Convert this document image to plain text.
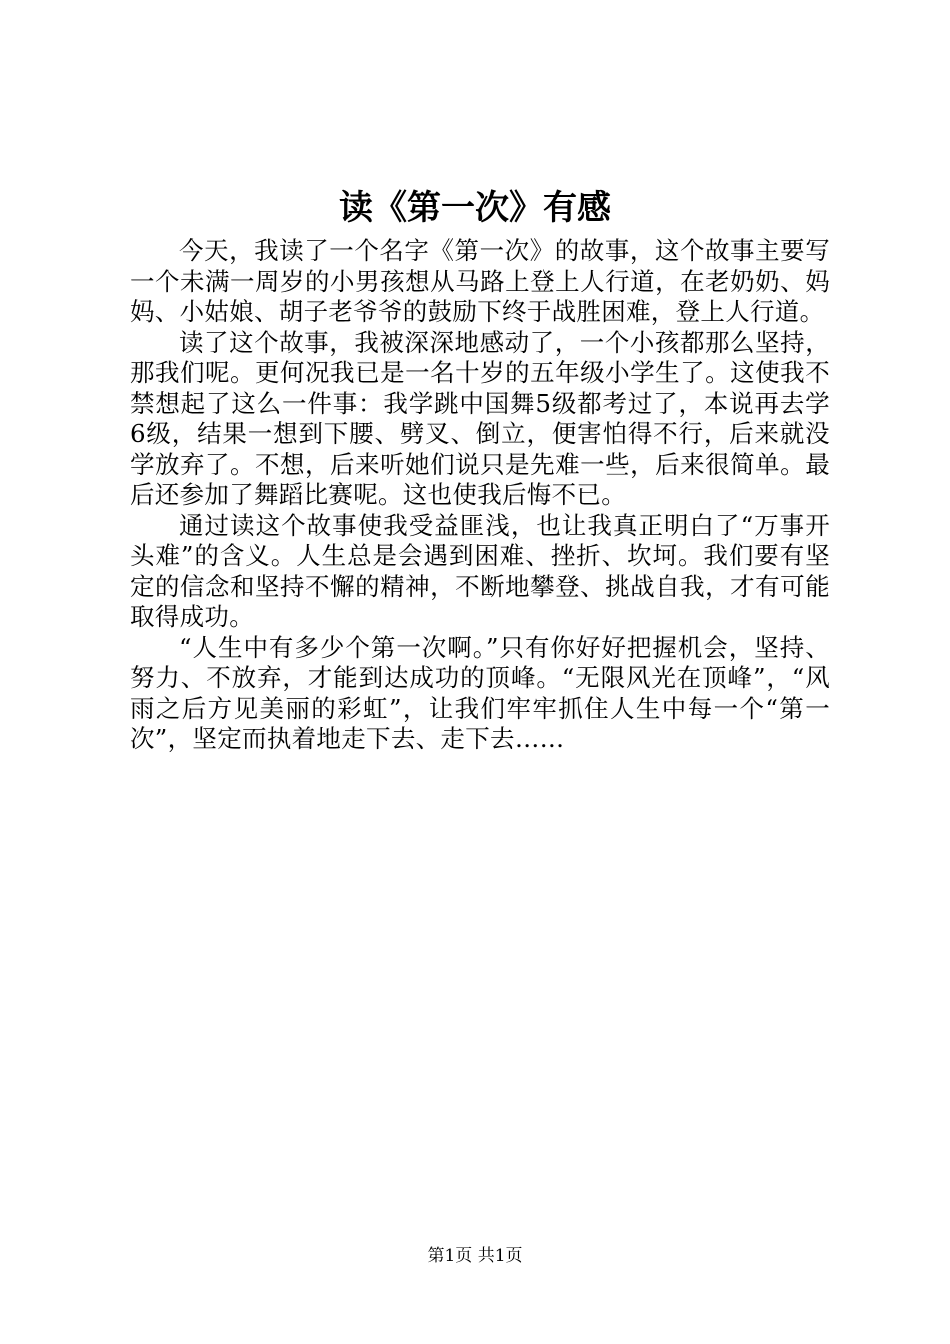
读《第一次》有感

今天，我读了一个名字《第一次》的故事，这个故事主要写一个未满一周岁的小男孩想从马路上登上人行道，在老奶奶、妈妈、小姑娘、胡子老爷爷的鼓励下终于战胜困难，登上人行道。

读了这个故事，我被深深地感动了，一个小孩都那么坚持，那我们呢。更何况我已是一名十岁的五年级小学生了。这使我不禁想起了这么一件事：我学跳中国舞5级都考过了，本说再去学6级，结果一想到下腰、劈叉、倒立，便害怕得不行，后来就没学放弃了。不想，后来听她们说只是先难一些，后来很简单。最后还参加了舞蹈比赛呢。这也使我后悔不已。

通过读这个故事使我受益匪浅，也让我真正明白了“万事开头难”的含义。人生总是会遇到困难、挫折、坎坷。我们要有坚定的信念和坚持不懈的精神，不断地攀登、挑战自我，才有可能取得成功。

“人生中有多少个第一次啊。”只有你好好把握机会，坚持、努力、不放弃，才能到达成功的顶峰。“无限风光在顶峰”，“风雨之后方见美丽的彩虹”，让我们牢牢抓住人生中每一个“第一次”，坚定而执着地走下去、走下去……

第1页 共1页
